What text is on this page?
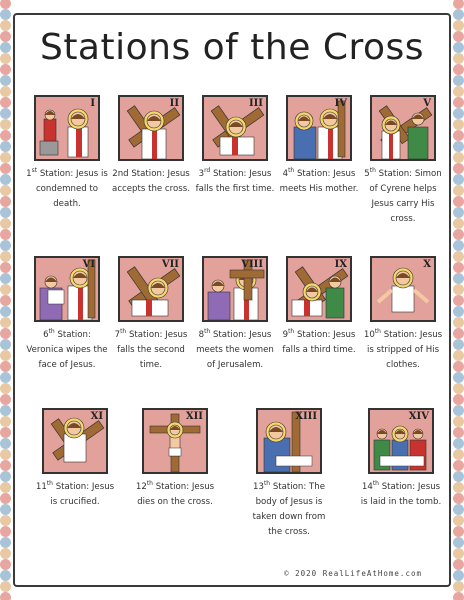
Stations of the Cross
I
1st Station: Jesus is condemned to death.
II
2nd Station: Jesus accepts the cross.
III
3rd Station: Jesus falls the first time.
IV
4th Station: Jesus meets His mother.
V
5th Station: Simon of Cyrene helps Jesus carry His cross.
VI
6th Station: Veronica wipes the face of Jesus.
VII
7th Station: Jesus falls the second time.
VIII
8th Station: Jesus meets the women of Jerusalem.
IX
9th Station: Jesus falls a third time.
X
10th Station: Jesus is stripped of His clothes.
XI
11th Station: Jesus is crucified.
XII
12th Station: Jesus dies on the cross.
XIII
13th Station: The body of Jesus is taken down from the cross.
XIV
14th Station: Jesus is laid in the tomb.
© 2020 RealLifeAtHome.com
